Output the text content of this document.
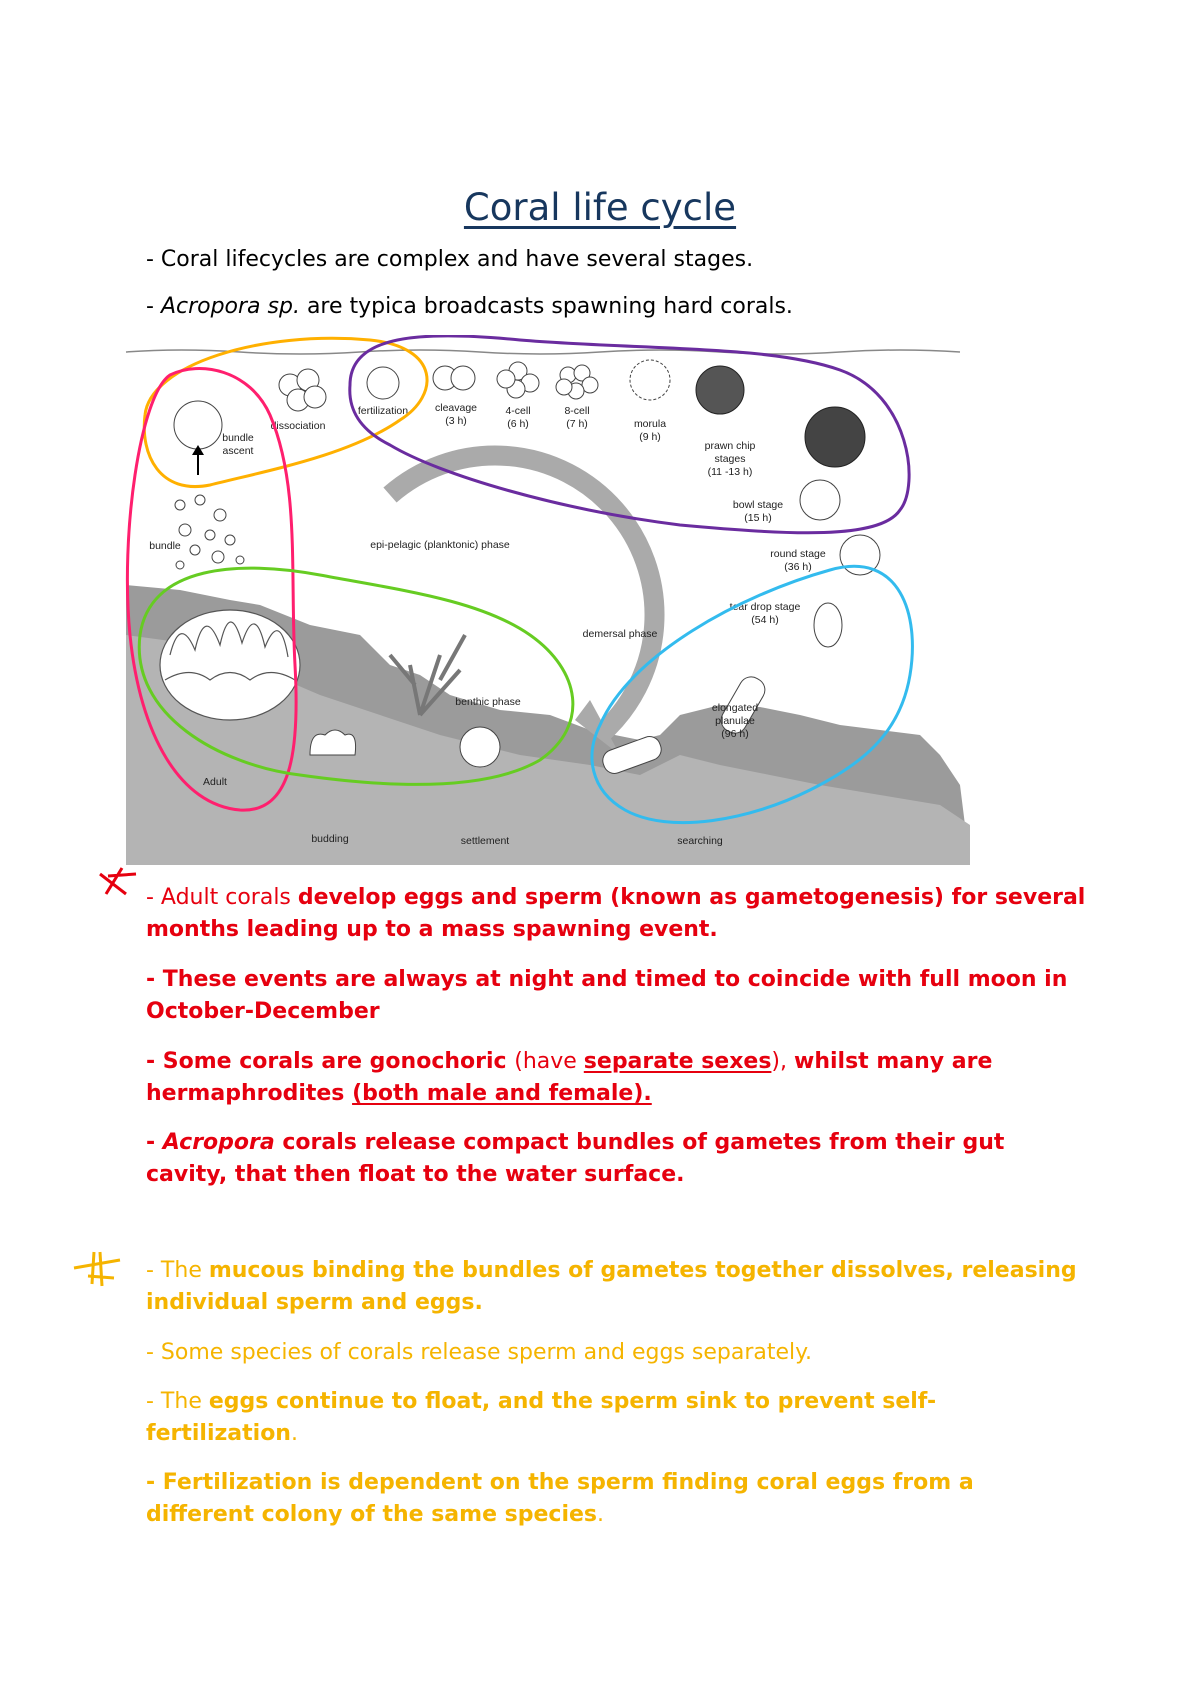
Coral life cycle
- Coral lifecycles are complex and have several stages.
- Acropora sp. are typica broadcasts spawning hard corals.
bundle
ascent
dissociation
fertilization	cleavage
(3 h)
4-cell
(6 h)
8-cell
(7 h)	morula
(9 h)
prawn chip
stages
(11 -13 h)
bowl stage
(15 h)
epi-pelagic (planktonic) phase
bundle
round stage
(36 h)
tear drop stage
(54 h)
demersal phase
elongated
planulae
(96 h)
benthic phase
Adult
budding	settlement	searching
- Adult corals develop eggs and sperm (known as gametogenesis) for several months leading up to a mass spawning event.
- These events are always at night and timed to coincide with full moon in October-December
- Some corals are gonochoric (have separate sexes), whilst many are hermaphrodites (both male and female).
- Acropora corals release compact bundles of gametes from their gut cavity, that then float to the water surface.
- The mucous binding the bundles of gametes together dissolves, releasing individual sperm and eggs.
- Some species of corals release sperm and eggs separately.
- The eggs continue to float, and the sperm sink to prevent self-fertilization.
- Fertilization is dependent on the sperm finding coral eggs from a different colony of the same species.
